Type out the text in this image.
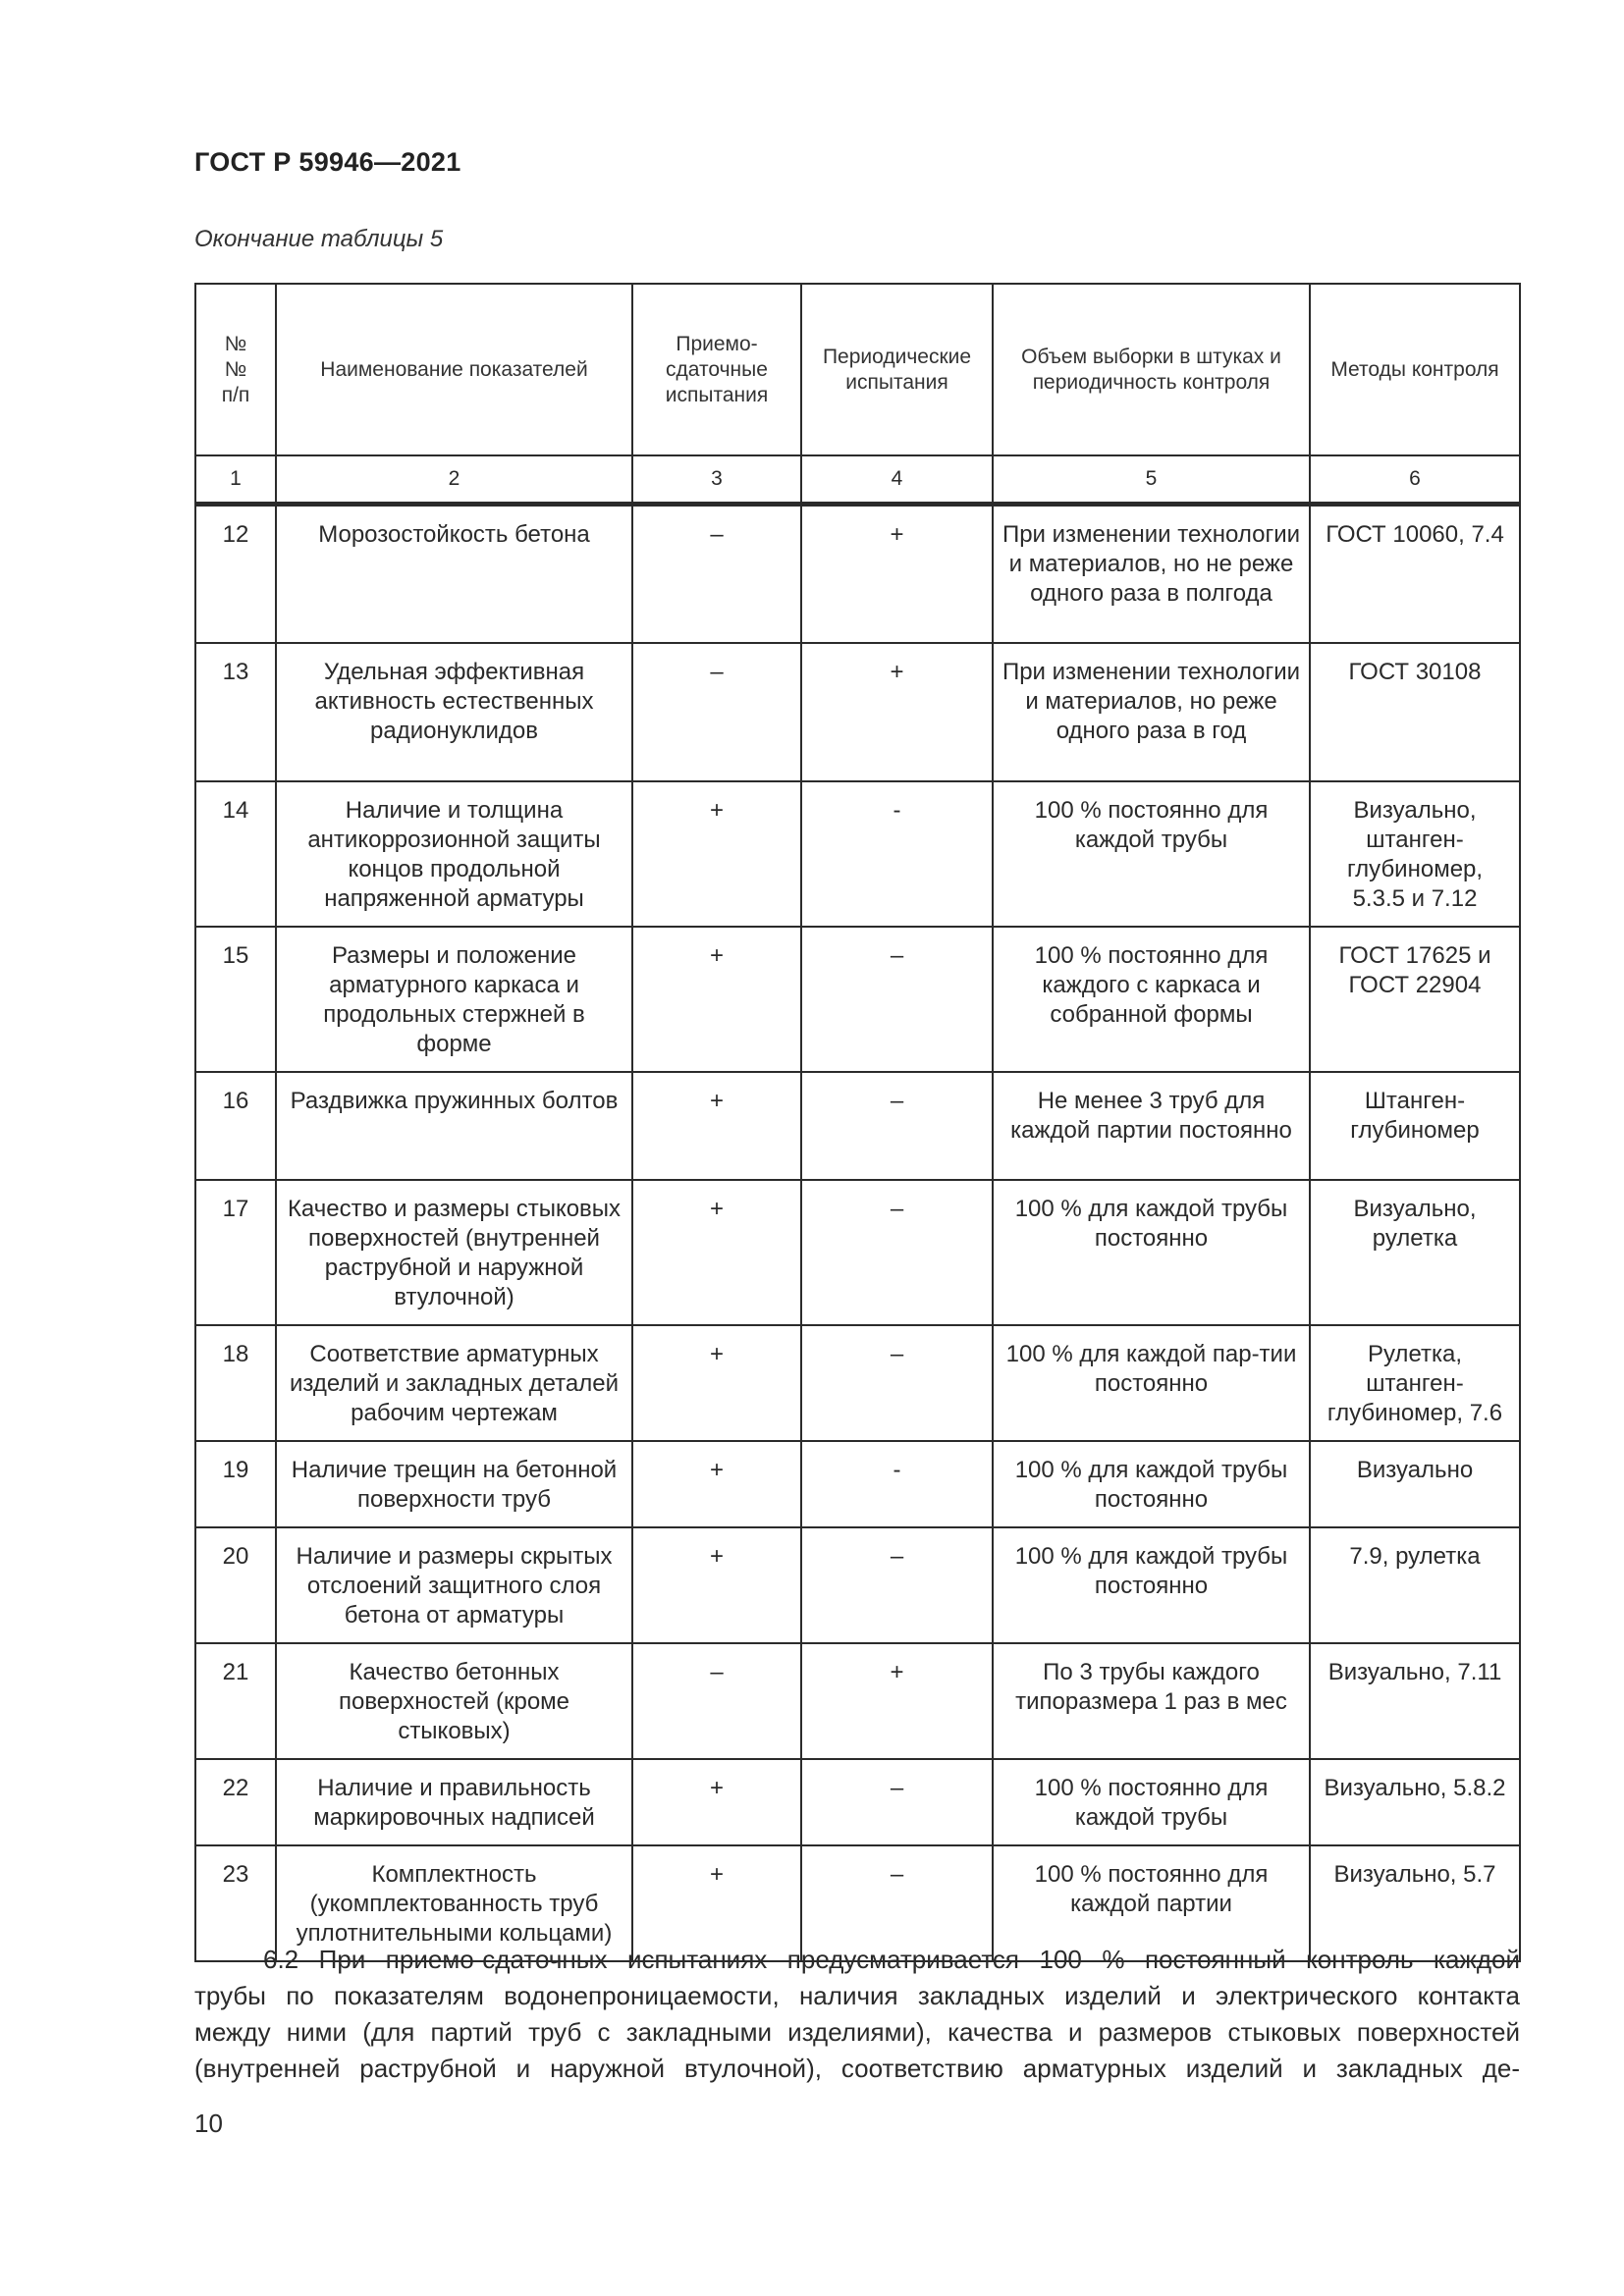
ГОСТ Р 59946—2021
Окончание таблицы 5
№№ п/п	Наименование показателей	Приемо-сдаточные испытания	Периодические испытания	Объем выборки в штуках и периодичность контроля	Методы контроля
1	2	3	4	5	6
12	Морозостойкость бетона	–	+	При изменении технологии и материалов, но не реже одного раза в полгода	ГОСТ 10060, 7.4
13	Удельная эффективная активность естественных радионуклидов	–	+	При изменении технологии и материалов, но реже одного раза в год	ГОСТ 30108
14	Наличие и толщина антикоррозионной защиты концов продольной напряженной арматуры	+	-	100 % постоянно для каждой трубы	Визуально, штанген-глубиномер, 5.3.5 и 7.12
15	Размеры и положение арматурного каркаса и продольных стержней в форме	+	–	100 % постоянно для каждого с каркаса и собранной формы	ГОСТ 17625 и ГОСТ 22904
16	Раздвижка пружинных болтов	+	–	Не менее 3 труб для каждой партии постоянно	Штанген-глубиномер
17	Качество и размеры стыковых поверхностей (внутренней раструбной и наружной втулочной)	+	–	100 % для каждой трубы постоянно	Визуально, рулетка
18	Соответствие арматурных изделий и закладных деталей рабочим чертежам	+	–	100 % для каждой пар-тии постоянно	Рулетка, штанген-глубиномер, 7.6
19	Наличие трещин на бетонной поверхности труб	+	-	100 % для каждой трубы постоянно	Визуально
20	Наличие и размеры скрытых отслоений защитного слоя бетона от арматуры	+	–	100 % для каждой трубы постоянно	7.9, рулетка
21	Качество бетонных поверхностей (кроме стыковых)	–	+	По 3 трубы каждого типоразмера 1 раз в мес	Визуально, 7.11
22	Наличие и правильность маркировочных надписей	+	–	100 % постоянно для каждой трубы	Визуально, 5.8.2
23	Комплектность (укомплектованность труб уплотнительными кольцами)	+	–	100 % постоянно для каждой партии	Визуально, 5.7
6.2 При приемо-сдаточных испытаниях предусматривается 100 % постоянный контроль каждой
трубы по показателям водонепроницаемости, наличия закладных изделий и электрического контакта
между ними (для партий труб с закладными изделиями), качества и размеров стыковых поверхностей
(внутренней раструбной и наружной втулочной), соответствию арматурных изделий и закладных де-
10
